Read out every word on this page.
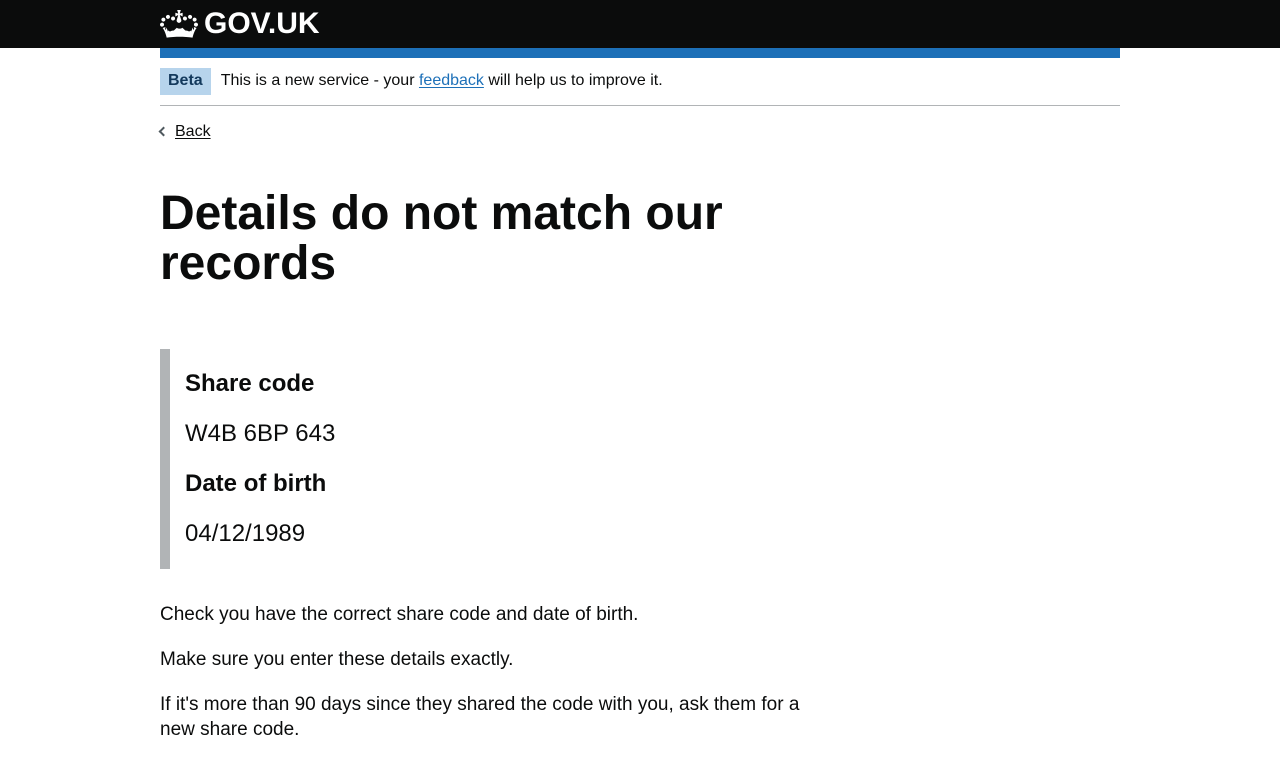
GOV.UK
Beta	This is a new service - your feedback will help us to improve it.
Back
Details do not match our records

Share code

W4B 6BP 643

Date of birth

04/12/1989

Check you have the correct share code and date of birth.

Make sure you enter these details exactly.

If it's more than 90 days since they shared the code with you, ask them for a new share code.
